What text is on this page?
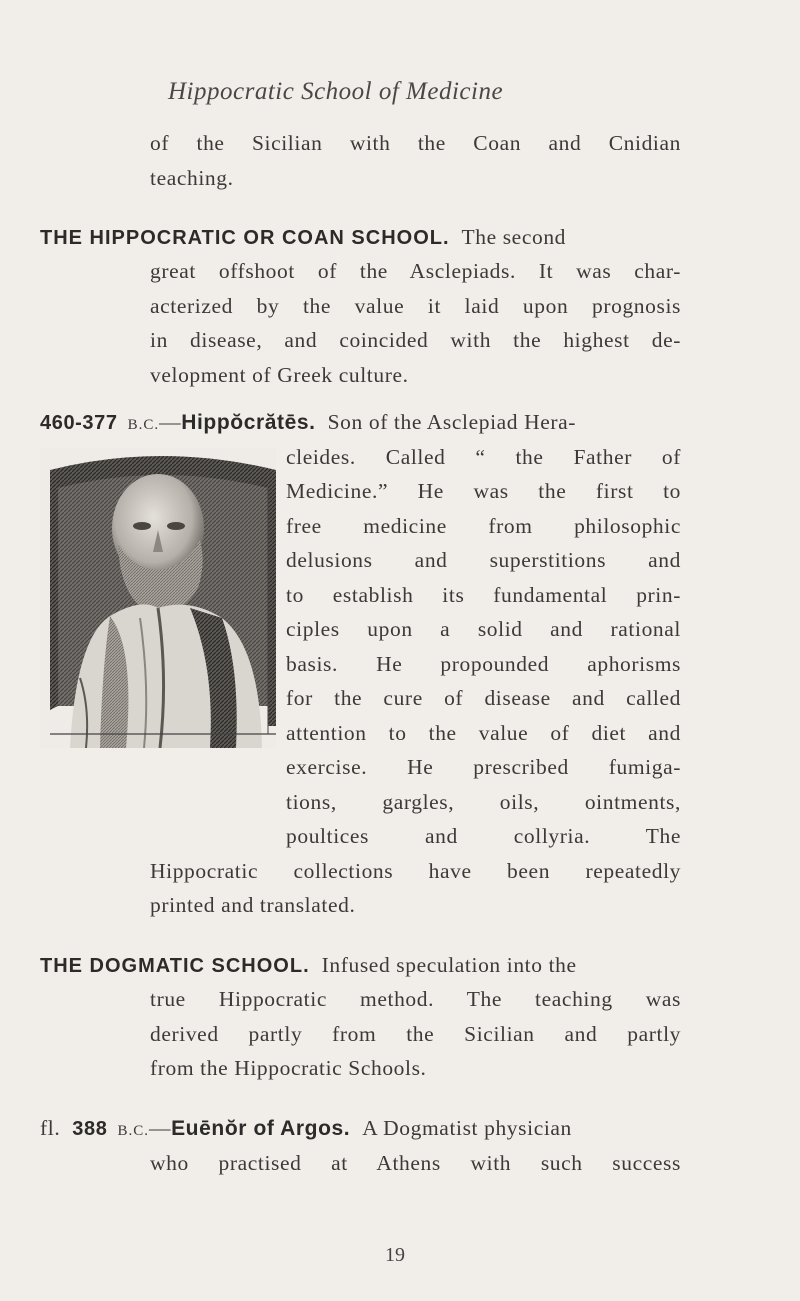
Hippocratic School of Medicine
of the Sicilian with the Coan and Cnidian
teaching.
THE HIPPOCRATIC OR COAN SCHOOL. The second
great offshoot of the Asclepiads. It was char-
acterized by the value it laid upon prognosis
in disease, and coincided with the highest de-
velopment of Greek culture.
460-377 B.C.—Hippŏcrătēs. Son of the Asclepiad Hera-
cleides. Called “ the Father of
Medicine.” He was the first to
free medicine from philosophic
delusions and superstitions and
to establish its fundamental prin-
ciples upon a solid and rational
basis. He propounded aphorisms
for the cure of disease and called
attention to the value of diet and
exercise. He prescribed fumiga-
tions, gargles, oils, ointments,
poultices and collyria. The
Hippocratic collections have been repeatedly
printed and translated.
THE DOGMATIC SCHOOL. Infused speculation into the
true Hippocratic method. The teaching was
derived partly from the Sicilian and partly
from the Hippocratic Schools.
fl. 388 B.C.—Euēnŏr of Argos. A Dogmatist physician
who practised at Athens with such success
19
